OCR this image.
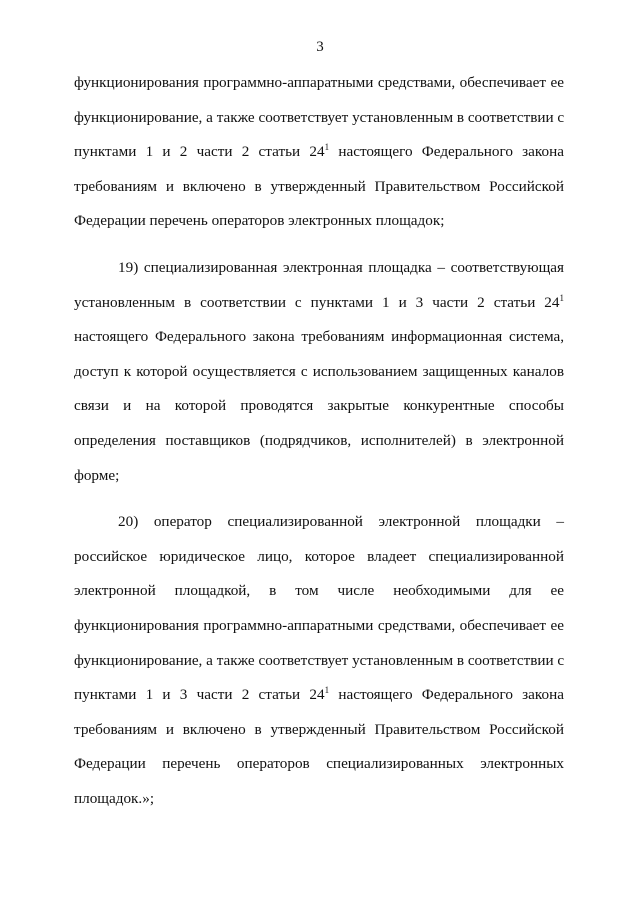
3
функционирования программно-аппаратными средствами, обеспечивает ее
функционирование, а также соответствует установленным в соответствии с
пунктами 1 и 2 части 2 статьи $24^1$ настоящего Федерального закона
требованиям и включено в утвержденный Правительством Российской
Федерации перечень операторов электронных площадок;
19) специализированная электронная площадка – соответствующая
установленным в соответствии с пунктами 1 и 3 части 2 статьи $24^1$
настоящего Федерального закона требованиям информационная система,
доступ к которой осуществляется с использованием защищенных каналов
связи и на которой проводятся закрытые конкурентные способы
определения поставщиков (подрядчиков, исполнителей) в электронной
форме;
20) оператор специализированной электронной площадки –
российское юридическое лицо, которое владеет специализированной
электронной площадкой, в том числе необходимыми для ее
функционирования программно-аппаратными средствами, обеспечивает ее
функционирование, а также соответствует установленным в соответствии с
пунктами 1 и 3 части 2 статьи $24^1$ настоящего Федерального закона
требованиям и включено в утвержденный Правительством Российской
Федерации перечень операторов специализированных электронных
площадок.»;
